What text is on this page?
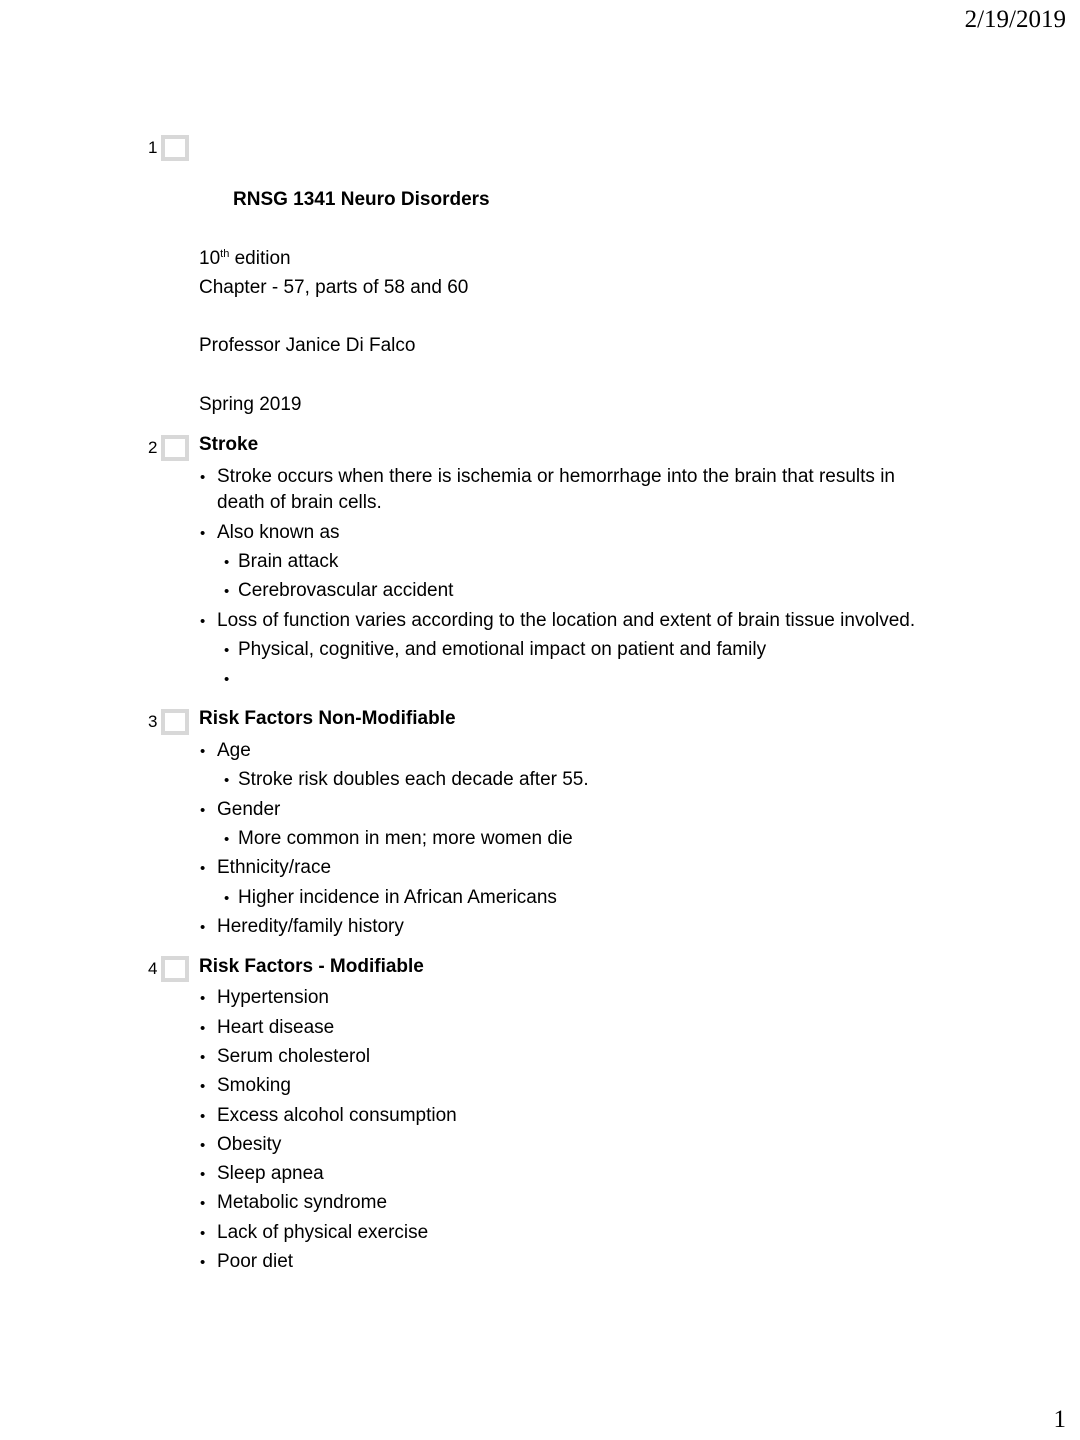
2/19/2019
1
RNSG 1341 Neuro Disorders
10th edition
Chapter - 57, parts of 58 and 60
Professor Janice Di Falco
Spring 2019
2 Stroke
• Stroke occurs when there is ischemia or hemorrhage into the brain that results in
death of brain cells.
• Also known as
• Brain attack
• Cerebrovascular accident
• Loss of function varies according to the location and extent of brain tissue involved.
• Physical, cognitive, and emotional impact on patient and family
•
3 Risk Factors Non-Modifiable
• Age
• Stroke risk doubles each decade after 55.
• Gender
• More common in men; more women die
• Ethnicity/race
• Higher incidence in African Americans
• Heredity/family history
4 Risk Factors - Modifiable
• Hypertension
• Heart disease
• Serum cholesterol
• Smoking
• Excess alcohol consumption
• Obesity
• Sleep apnea
• Metabolic syndrome
• Lack of physical exercise
• Poor diet
1
